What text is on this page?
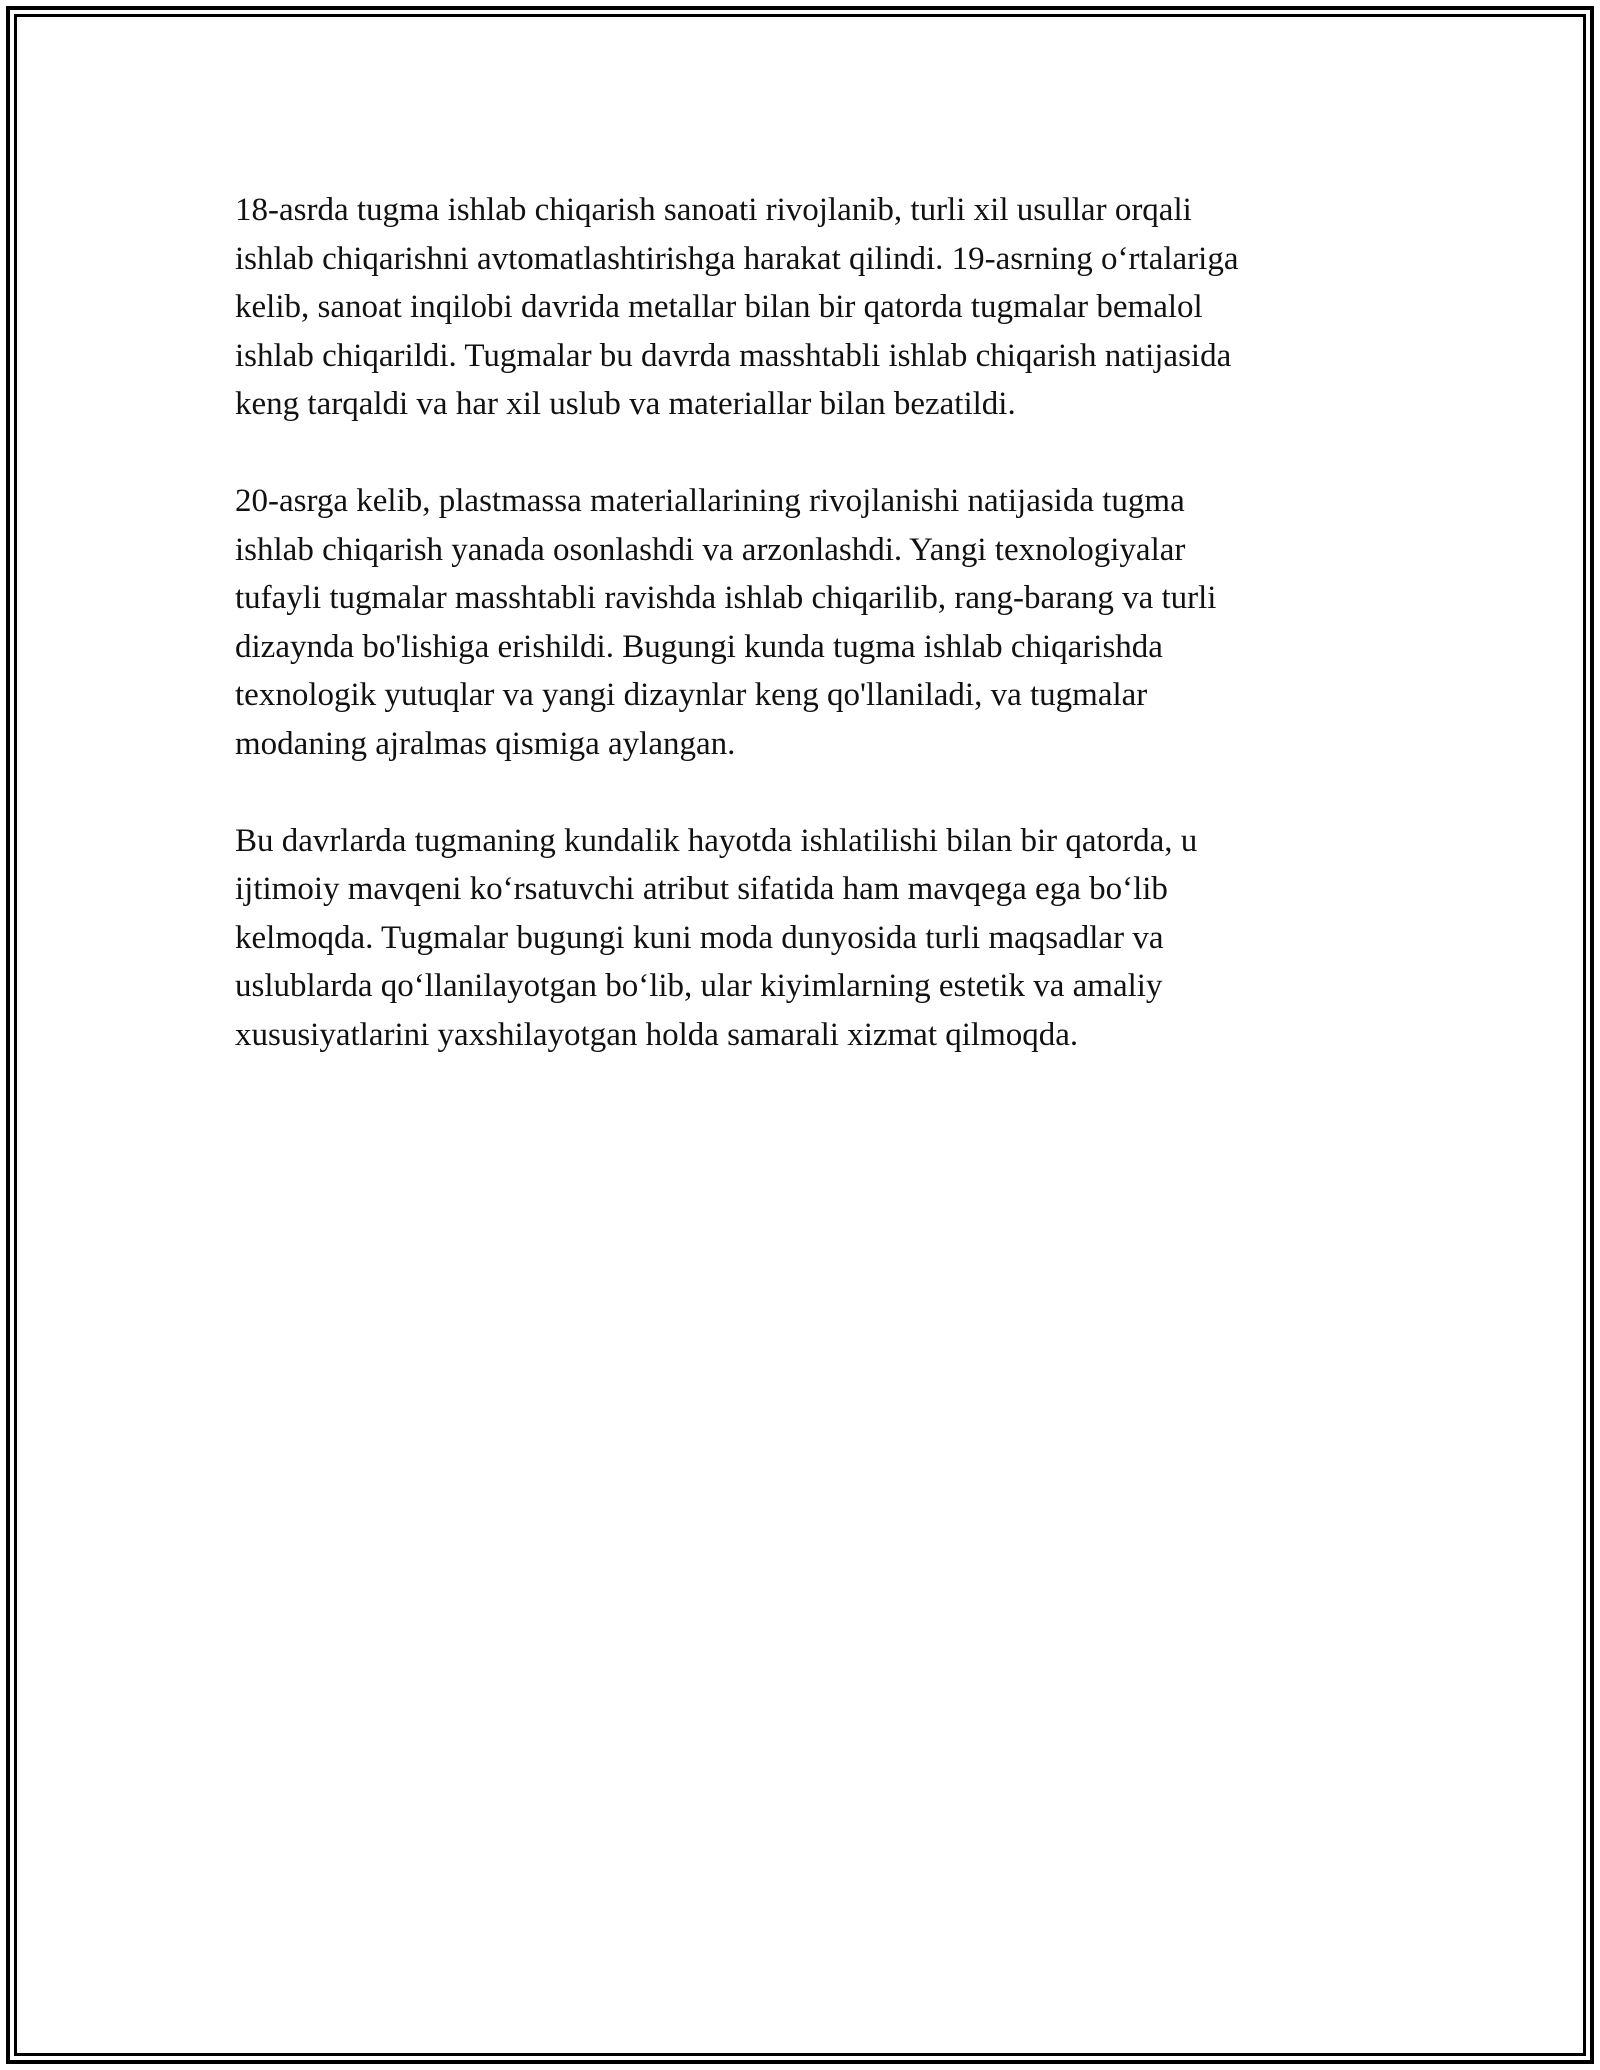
18-asrda tugma ishlab chiqarish sanoati rivojlanib, turli xil usullar orqali
ishlab chiqarishni avtomatlashtirishga harakat qilindi. 19-asrning o‘rtalariga
kelib, sanoat inqilobi davrida metallar bilan bir qatorda tugmalar bemalol
ishlab chiqarildi. Tugmalar bu davrda masshtabli ishlab chiqarish natijasida
keng tarqaldi va har xil uslub va materiallar bilan bezatildi.

20-asrga kelib, plastmassa materiallarining rivojlanishi natijasida tugma
ishlab chiqarish yanada osonlashdi va arzonlashdi. Yangi texnologiyalar
tufayli tugmalar masshtabli ravishda ishlab chiqarilib, rang-barang va turli
dizaynda bo'lishiga erishildi. Bugungi kunda tugma ishlab chiqarishda
texnologik yutuqlar va yangi dizaynlar keng qo'llaniladi, va tugmalar
modaning ajralmas qismiga aylangan.

Bu davrlarda tugmaning kundalik hayotda ishlatilishi bilan bir qatorda, u
ijtimoiy mavqeni ko‘rsatuvchi atribut sifatida ham mavqega ega bo‘lib
kelmoqda. Tugmalar bugungi kuni moda dunyosida turli maqsadlar va
uslublarda qo‘llanilayotgan bo‘lib, ular kiyimlarning estetik va amaliy
xususiyatlarini yaxshilayotgan holda samarali xizmat qilmoqda.
